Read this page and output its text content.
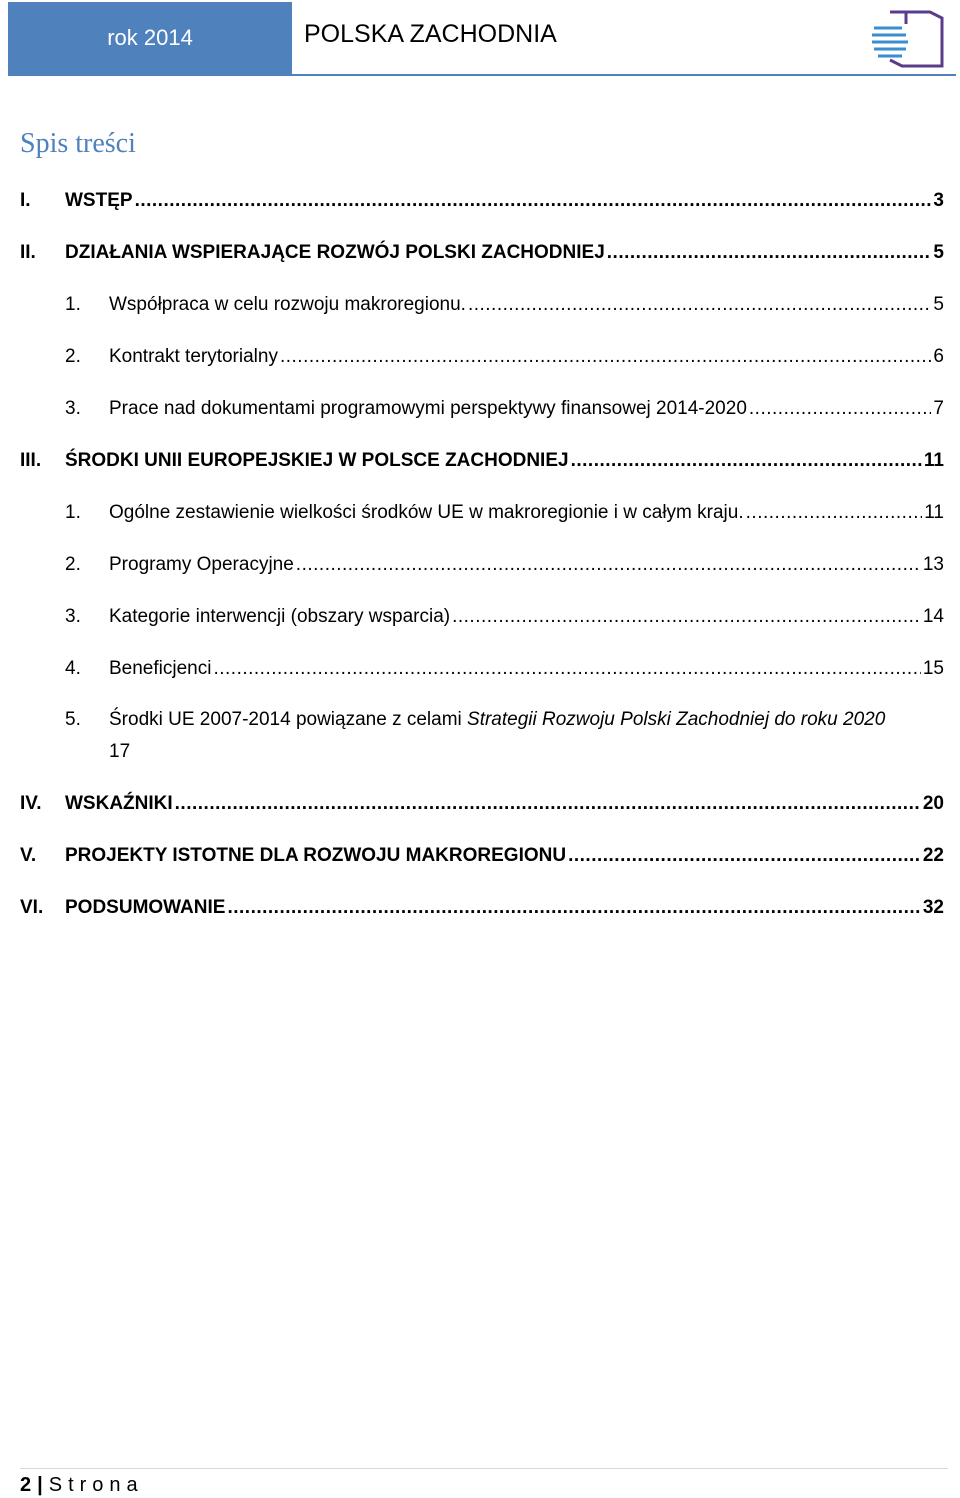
rok 2014	POLSKA ZACHODNIA
Spis treści
I.	WSTĘP .....	3
II.	DZIAŁANIA WSPIERAJĄCE ROZWÓJ POLSKI ZACHODNIEJ .....	5
1.	Współpraca w celu rozwoju makroregionu. .....	5
2.	Kontrakt terytorialny .....	6
3.	Prace nad dokumentami programowymi perspektywy finansowej 2014-2020 .....	7
III.	ŚRODKI UNII EUROPEJSKIEJ W POLSCE ZACHODNIEJ .....	11
1.	Ogólne zestawienie wielkości środków UE w makroregionie i w całym kraju. .....	11
2.	Programy Operacyjne .....	13
3.	Kategorie interwencji (obszary wsparcia) .....	14
4.	Beneficjenci .....	15
5. Środki UE 2007-2014 powiązane z celami Strategii Rozwoju Polski Zachodniej do roku 2020
17
IV.	WSKAŹNIKI .....	20
V.	PROJEKTY ISTOTNE DLA ROZWOJU MAKROREGIONU .....	22
VI.	PODSUMOWANIE .....	32
2 | Strona
